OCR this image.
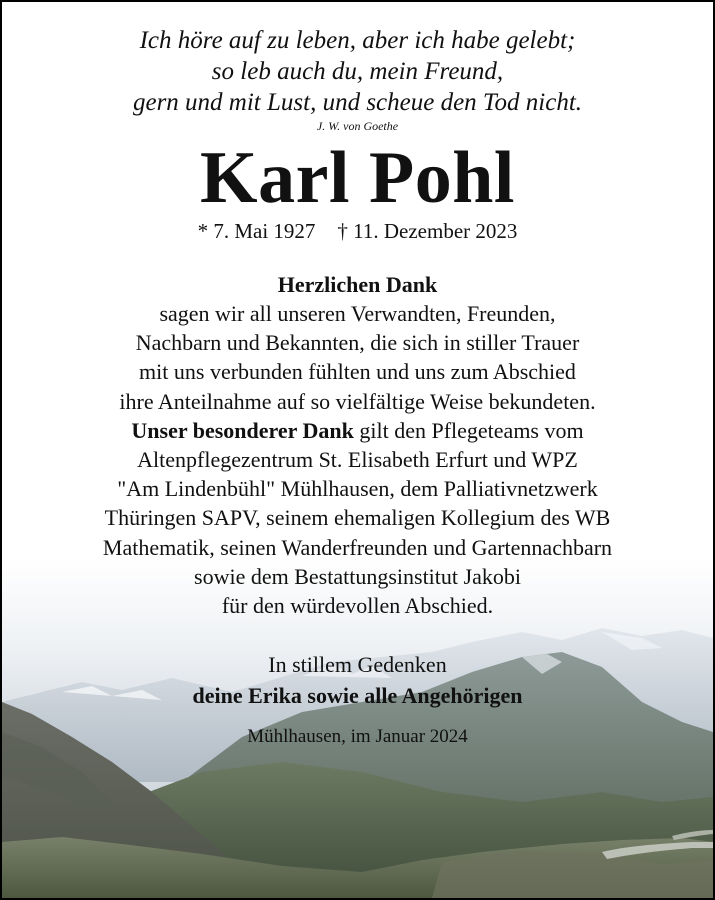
Ich höre auf zu leben, aber ich habe gelebt;
so leb auch du, mein Freund,
gern und mit Lust, und scheue den Tod nicht.
J. W. von Goethe
Karl Pohl
* 7. Mai 1927 † 11. Dezember 2023
Herzlichen Dank
sagen wir all unseren Verwandten, Freunden,
Nachbarn und Bekannten, die sich in stiller Trauer
mit uns verbunden fühlten und uns zum Abschied
ihre Anteilnahme auf so vielfältige Weise bekundeten.
Unser besonderer Dank gilt den Pflegeteams vom
Altenpflegezentrum St. Elisabeth Erfurt und WPZ
"Am Lindenbühl" Mühlhausen, dem Palliativnetzwerk
Thüringen SAPV, seinem ehemaligen Kollegium des WB
Mathematik, seinen Wanderfreunden und Gartennachbarn
sowie dem Bestattungsinstitut Jakobi
für den würdevollen Abschied.
In stillem Gedenken
deine Erika sowie alle Angehörigen
Mühlhausen, im Januar 2024
